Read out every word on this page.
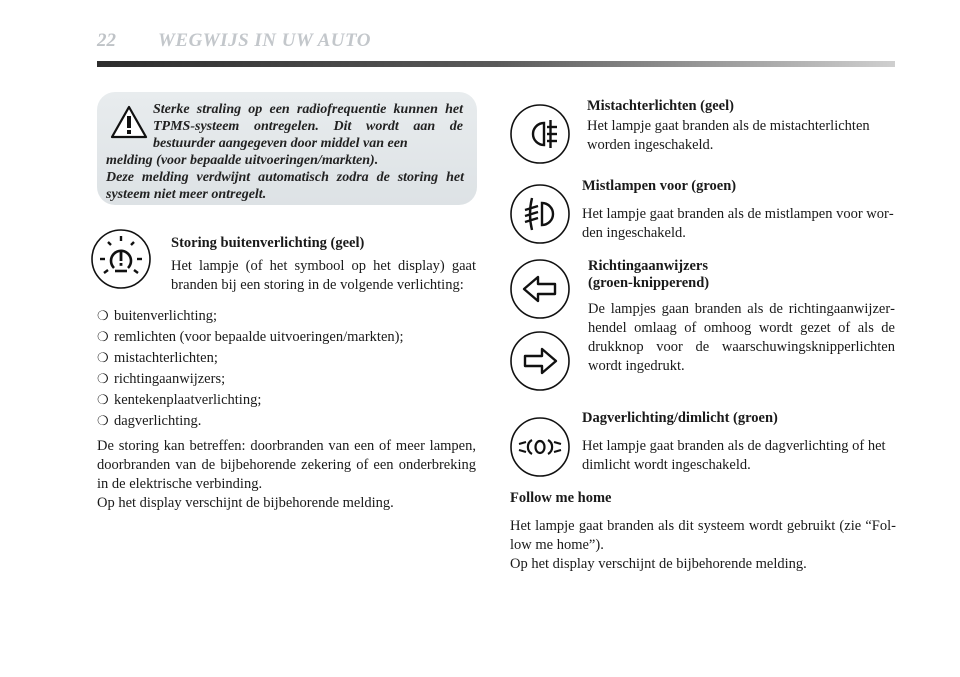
22 WEGWIJS IN UW AUTO
Sterke straling op een radiofrequentie kunnen het TPMS-systeem ontregelen. Dit wordt aan de bestuurder aangegeven door middel van een
melding (voor bepaalde uitvoeringen/markten).
Deze melding verdwijnt automatisch zodra de storing het systeem niet meer ontregelt.
Storing buitenverlichting (geel)
Het lampje (of het symbool op het display) gaat branden bij een storing in de volgende verlichting:
❍ buitenverlichting;
❍ remlichten (voor bepaalde uitvoeringen/markten);
❍ mistachterlichten;
❍ richtingaanwijzers;
❍ kentekenplaatverlichting;
❍ dagverlichting.
De storing kan betreffen: doorbranden van een of meer lampen, doorbranden van de bijbehorende zekering of een onderbreking in de elektrische verbinding.
Op het display verschijnt de bijbehorende melding.
Mistachterlichten (geel)
Het lampje gaat branden als de mistachterlichten worden ingeschakeld.
Mistlampen voor (groen)
Het lampje gaat branden als de mistlampen voor worden ingeschakeld.
Richtingaanwijzers
(groen-knipperend)
De lampjes gaan branden als de richtingaanwijzerhendel omlaag of omhoog wordt gezet of als de drukknop voor de waarschuwingsknipperlichten wordt ingedrukt.
Dagverlichting/dimlicht (groen)
Het lampje gaat branden als de dagverlichting of het dimlicht wordt ingeschakeld.
Follow me home
Het lampje gaat branden als dit systeem wordt gebruikt (zie “Follow me home”).
Op het display verschijnt de bijbehorende melding.
